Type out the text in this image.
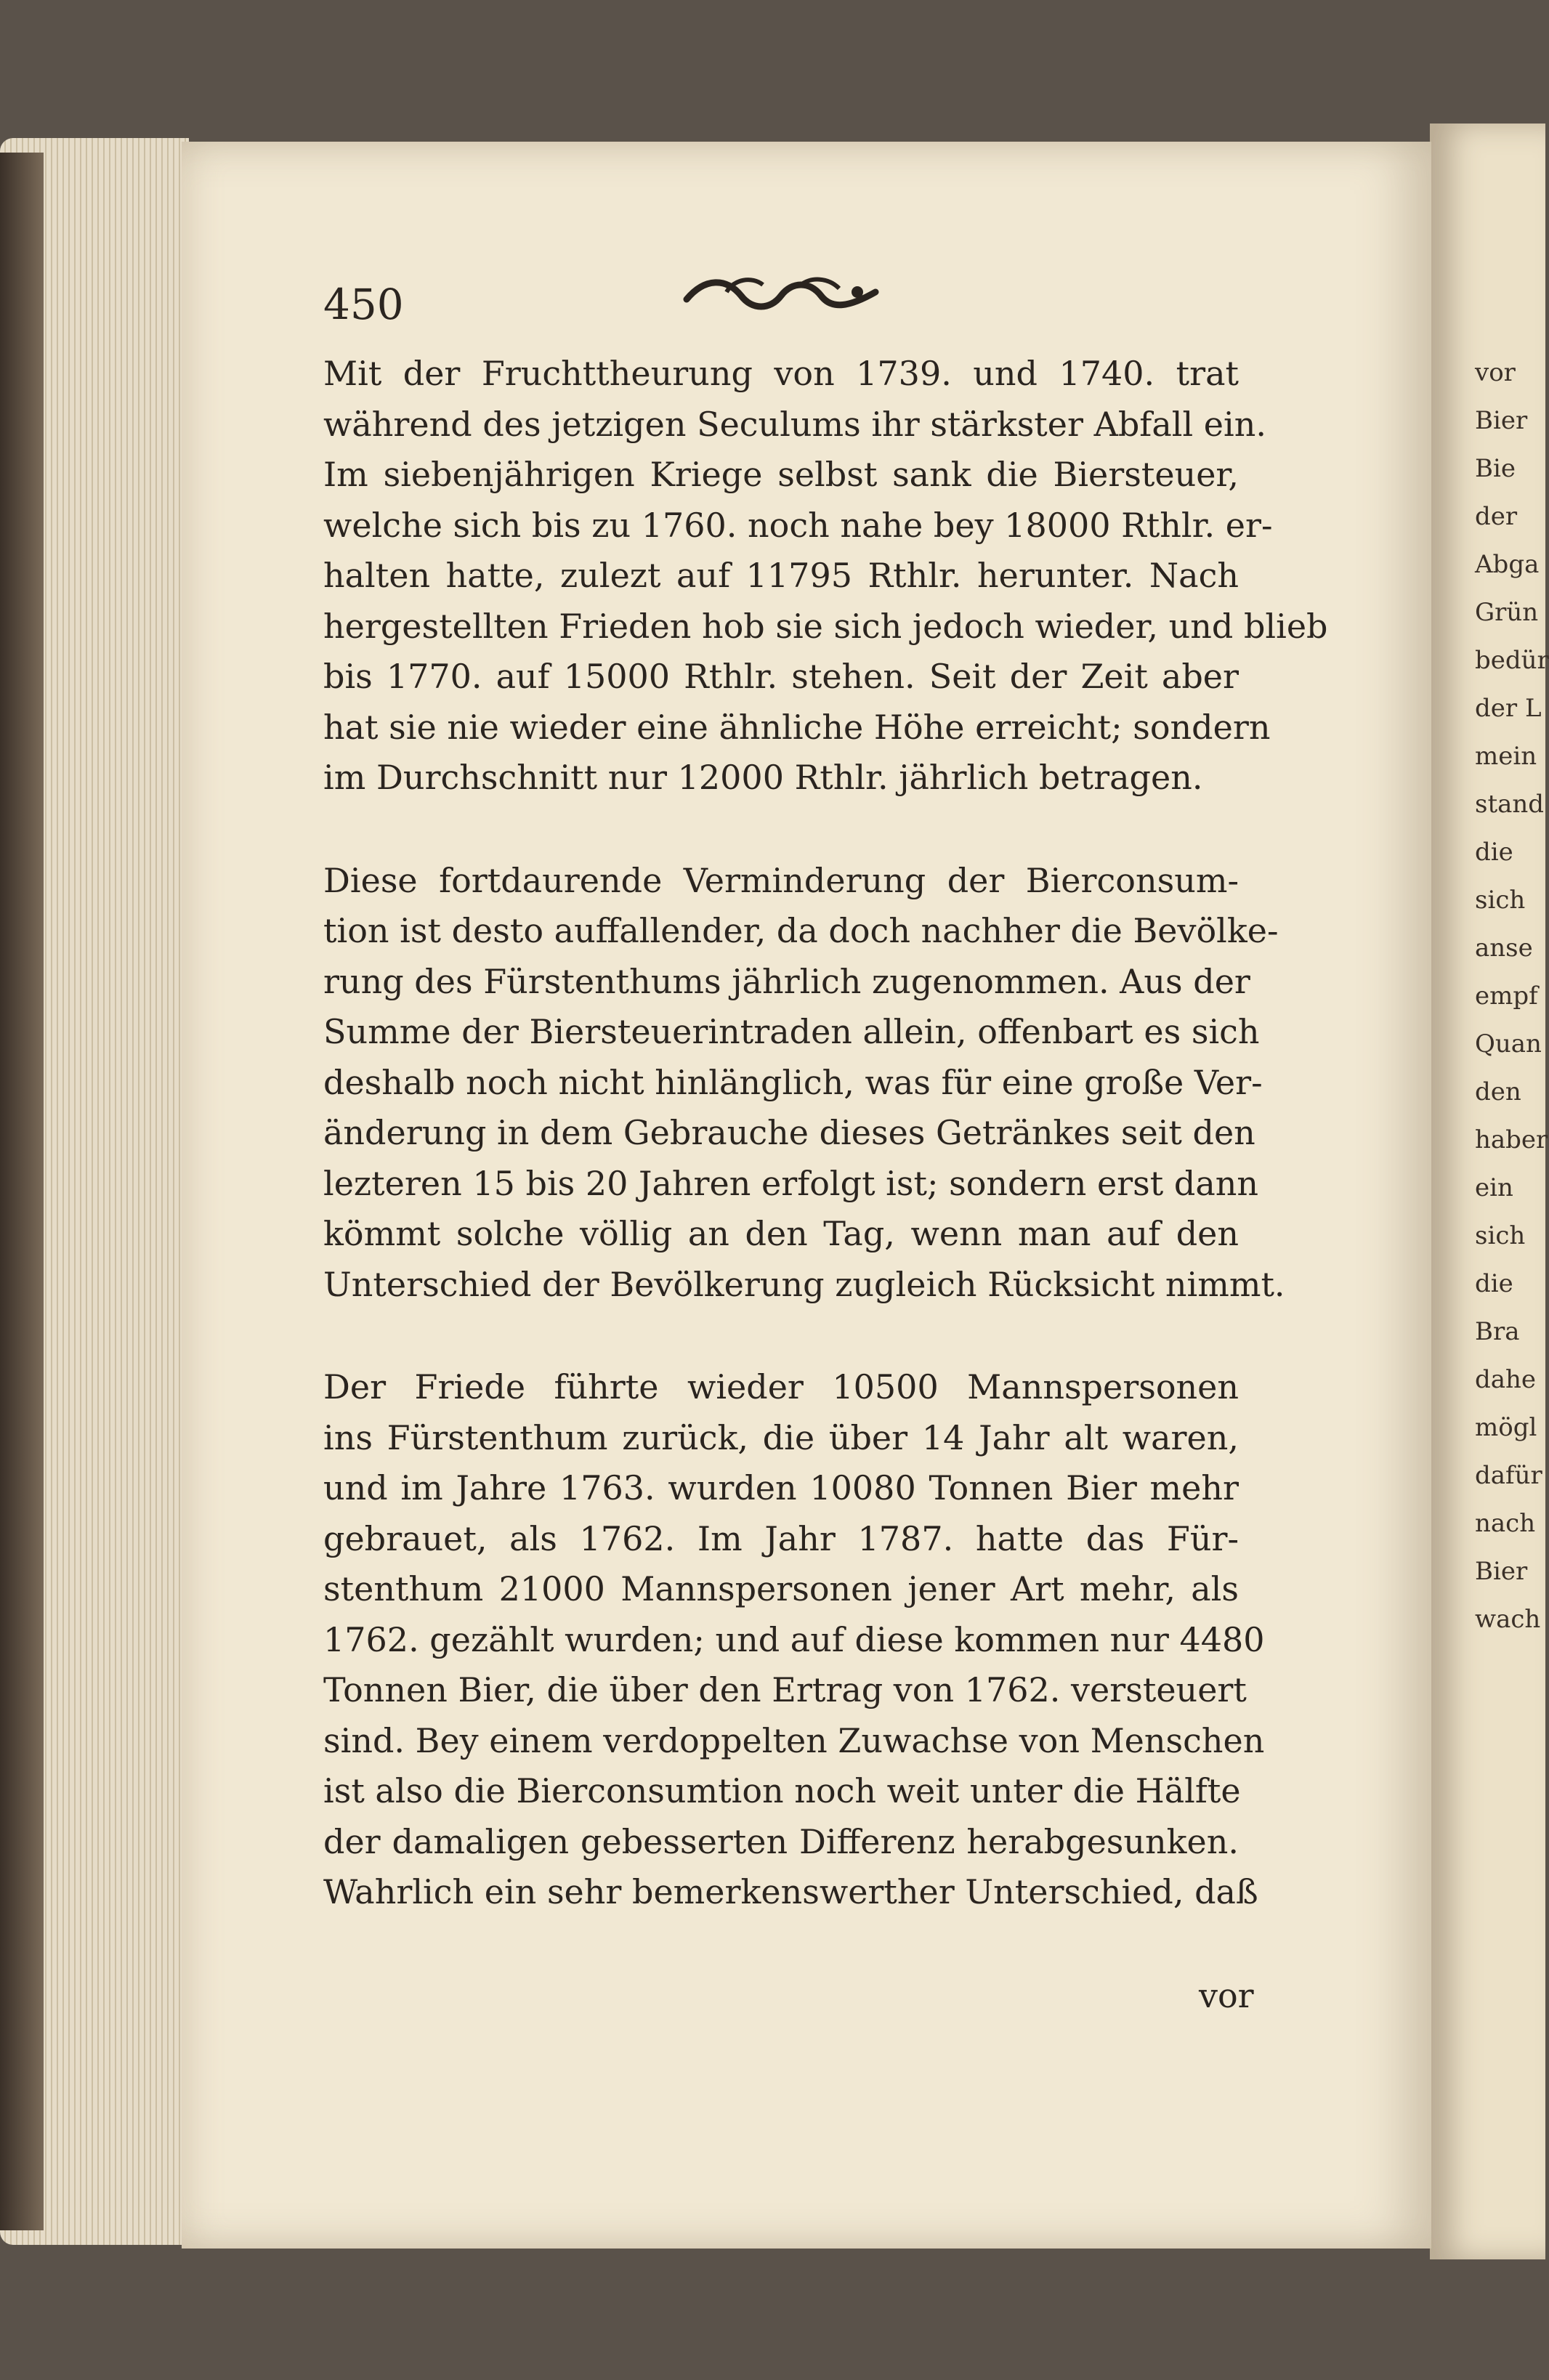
450
Mit der Fruchttheurung von 1739. und 1740. trat
während des jetzigen Seculums ihr stärkster Abfall ein.
Im siebenjährigen Kriege selbst sank die Biersteuer,
welche sich bis zu 1760. noch nahe bey 18000 Rthlr. er-
halten hatte, zulezt auf 11795 Rthlr. herunter. Nach
hergestellten Frieden hob sie sich jedoch wieder, und blieb
bis 1770. auf 15000 Rthlr. stehen. Seit der Zeit aber
hat sie nie wieder eine ähnliche Höhe erreicht; sondern
im Durchschnitt nur 12000 Rthlr. jährlich betragen.
Diese fortdaurende Verminderung der Bierconsum-
tion ist desto auffallender, da doch nachher die Bevölke-
rung des Fürstenthums jährlich zugenommen. Aus der
Summe der Biersteuerintraden allein, offenbart es sich
deshalb noch nicht hinlänglich, was für eine große Ver-
änderung in dem Gebrauche dieses Getränkes seit den
lezteren 15 bis 20 Jahren erfolgt ist; sondern erst dann
kömmt solche völlig an den Tag, wenn man auf den
Unterschied der Bevölkerung zugleich Rücksicht nimmt.
Der Friede führte wieder 10500 Mannspersonen
ins Fürstenthum zurück, die über 14 Jahr alt waren,
und im Jahre 1763. wurden 10080 Tonnen Bier mehr
gebrauet, als 1762. Im Jahr 1787. hatte das Für-
stenthum 21000 Mannspersonen jener Art mehr, als
1762. gezählt wurden; und auf diese kommen nur 4480
Tonnen Bier, die über den Ertrag von 1762. versteuert
sind. Bey einem verdoppelten Zuwachse von Menschen
ist also die Bierconsumtion noch weit unter die Hälfte
der damaligen gebesserten Differenz herabgesunken.
Wahrlich ein sehr bemerkenswerther Unterschied, daß
vor
vor
Bier
Bie
der
Abga
Grün
bedür
der L
mein
stand
die
sich
anse
empf
Quan
den
haber
ein
sich
die
Bra
dahe
mögl
dafür
nach
Bier
wach
